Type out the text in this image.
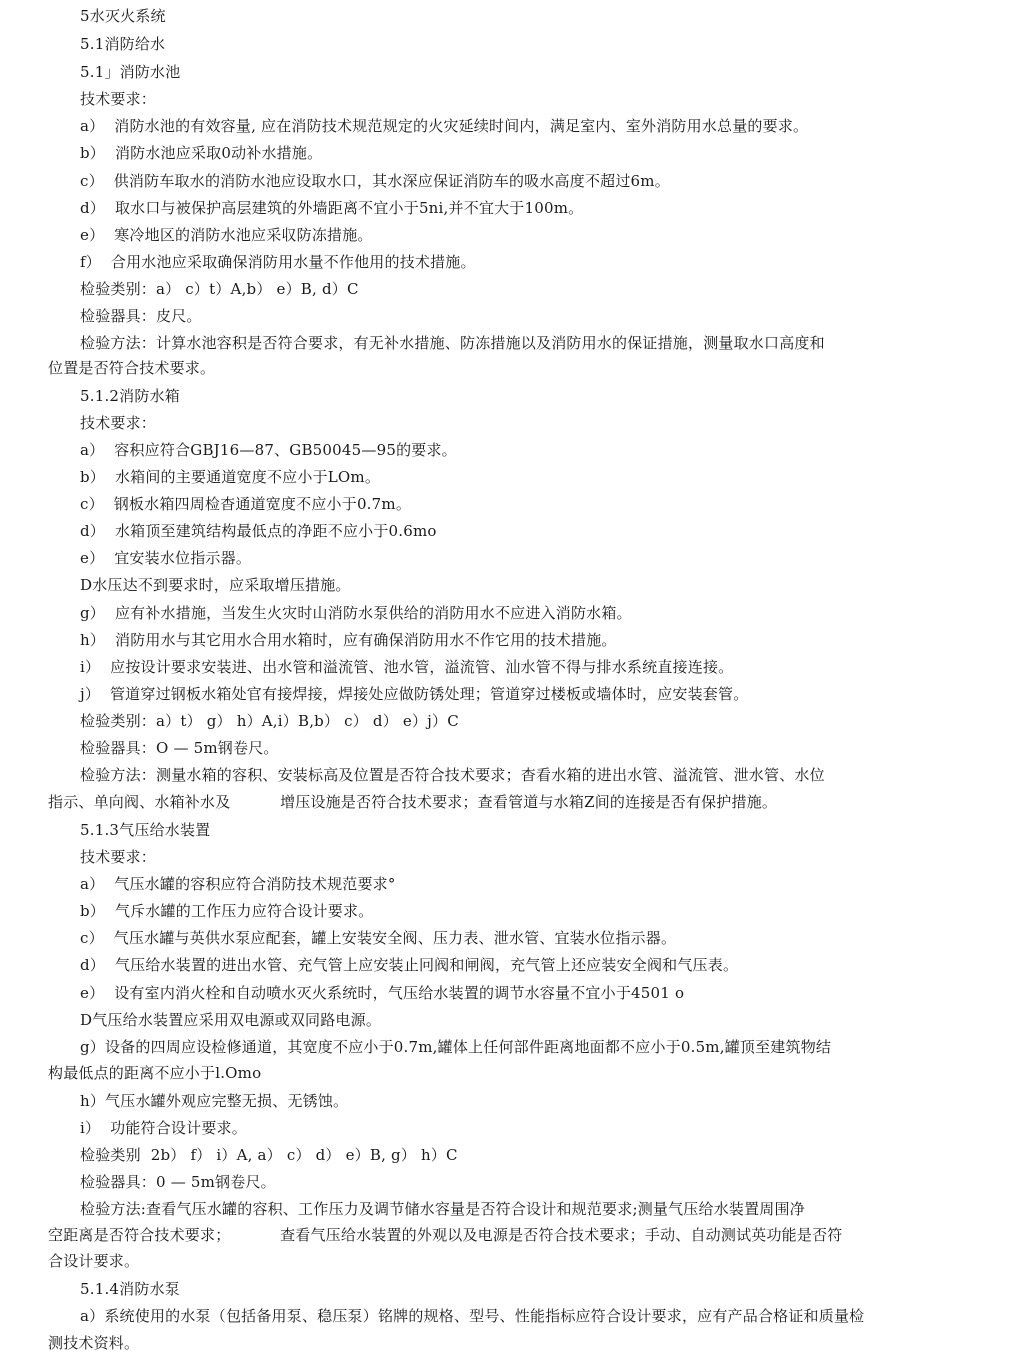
5水灭火系统
5.1消防给水
5.1」消防水池
技术要求：
a）  消防水池的有效容量, 应在消防技术规范规定的火灾延续时间内，满足室内、室外消防用水总量的要求。
b）  消防水池应采取0动补水措施。
c）  供消防车取水的消防水池应设取水口，其水深应保证消防车的吸水高度不超过6m。
d）  取水口与被保护高层建筑的外墙距离不宜小于5ni,并不宜大于100m。
e）  寒冷地区的消防水池应采収防冻措施。
f）  合用水池应采取确保消防用水量不作他用的技术措施。
检验类别：a） c）t）A,b） e）B, d）C
检验器具：皮尺。
检验方法：计算水池容积是否符合要求，有无补水措施、防冻措施以及消防用水的保证措施，测量取水口高度和
位置是否符合技术要求。
5.1.2消防水箱
技术要求：
a）  容积应符合GBJ16—87、GB50045—95的要求。
b）  水箱间的主要通道宽度不应小于LOm。
c）  钢板水箱四周检杳通道宽度不应小于0.7m。
d）  水箱顶至建筑结构最低点的净距不应小于0.6mo
e）  宜安装水位指示器。
D水压达不到要求时，应采取增压措施。
g）  应有补水措施，当发生火灾时山消防水泵供给的消防用水不应进入消防水箱。
h）  消防用水与其它用水合用水箱时，应有确保消防用水不作它用的技术措施。
i）  应按设计要求安装进、出水管和溢流管、池水管，溢流管、汕水管不得与排水系统直接连接。
j）  管道穿过钢板水箱处官有接焊接，焊接处应做防锈处理；管道穿过楼板或墙体时，应安装套管。
检验类别：a）t） g） h）A,i）B,b） c） d） e）j）C
检验器具：O — 5m钢卷尺。
检验方法：测量水箱的容积、安装标高及位置是否符合技术要求；杳看水箱的进出水管、溢流管、泄水管、水位
指示、单向阀、水箱补水及          增压设施是否符合技术要求；查看管道与水箱Z间的连接是否有保护措施。
5.1.3气压给水装置
技术要求：
a）  气压水罐的容积应符合消防技术规范要求°
b）  气斥水罐的工作压力应符合设计要求。
c）  气压水罐与英供水泵应配套，罐上安装安全阀、压力表、泄水管、宜装水位指示器。
d）  气压给水装置的进出水管、充气管上应安装止冋阀和闸阀，充气管上还应装安全阀和气压表。
e）  设有室内消火栓和自动喷水灭火系统时，气压给水装置的调节水容量不宜小于4501 o
D气压给水装置应采用双电源或双同路电源。
g）设备的四周应设检修通道，其宽度不应小于0.7m,罐体上任何部件距离地面都不应小于0.5m,罐顶至建筑物结
构最低点的距离不应小于l.Omo
h）气压水罐外观应完整无损、无锈蚀。
i）  功能符合设计要求。
检验类别  2b） f） i）A, a） c） d） e）B, g） h）C
检验器具：0 — 5m钢卷尺。
检验方法:查看气压水罐的容积、工作压力及调节储水容量是否符合设计和规范要求;测量气压给水装置周围净
空距离是否符合技术要求；          查看气压给水装置的外观以及电源是否符合技术要求；手动、自动测试英功能是否符
合设计要求。
5.1.4消防水泵
a）系统使用的水泵（包括备用泵、稳压泵）铭牌的规格、型号、性能指标应符合设计要求，应有产品合格证和质量检
测技术资料。
